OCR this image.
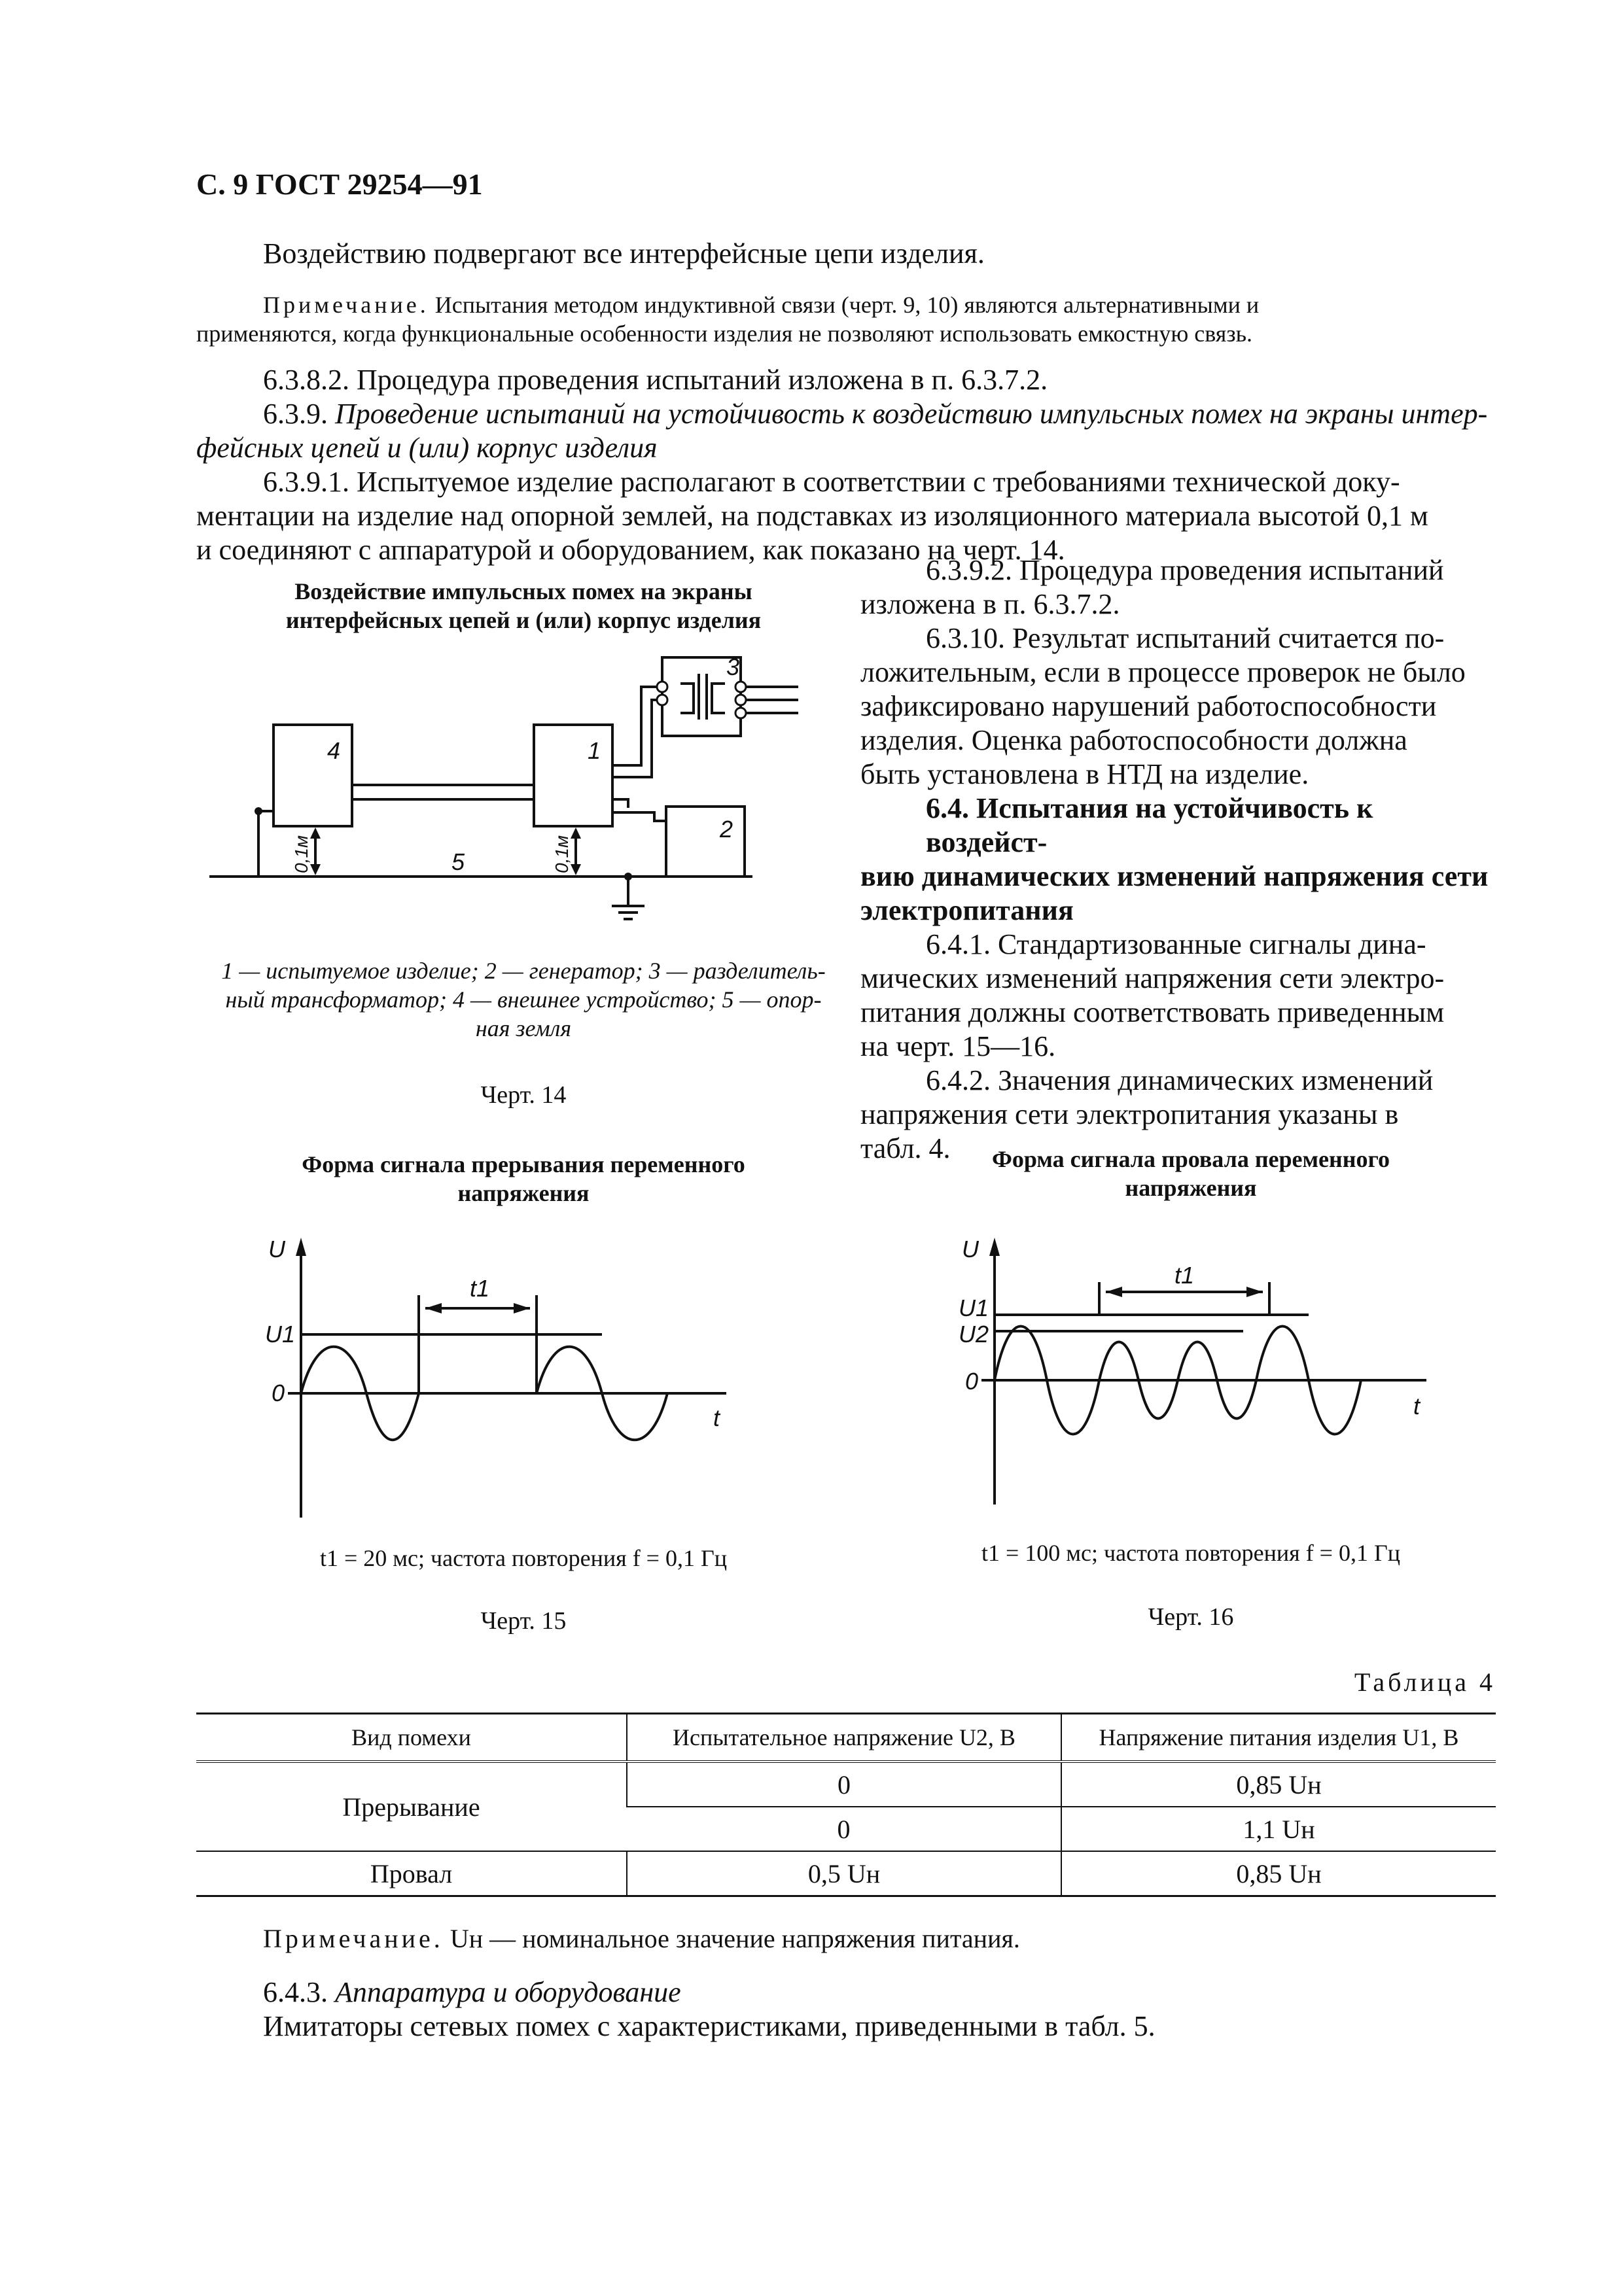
С. 9 ГОСТ 29254—91
Воздействию подвергают все интерфейсные цепи изделия.
Примечание. Испытания методом индуктивной связи (черт. 9, 10) являются альтернативными и
применяются, когда функциональные особенности изделия не позволяют использовать емкостную связь.
6.3.8.2. Процедура проведения испытаний изложена в п. 6.3.7.2.
6.3.9. Проведение испытаний на устойчивость к воздействию импульсных помех на экраны интер-
фейсных цепей и (или) корпус изделия
6.3.9.1. Испытуемое изделие располагают в соответствии с требованиями технической доку-
ментации на изделие над опорной землей, на подставках из изоляционного материала высотой 0,1 м
и соединяют с аппаратурой и оборудованием, как показано на черт. 14.
Воздействие импульсных помех на экраны
интерфейсных цепей и (или) корпус изделия
4	1
2
3
5
0,1м	0,1м
1 — испытуемое изделие; 2 — генератор; 3 — разделитель-
ный трансформатор; 4 — внешнее устройство; 5 — опор-
ная земля
Черт. 14
6.3.9.2. Процедура проведения испытаний
изложена в п. 6.3.7.2.
6.3.10. Результат испытаний считается по-
ложительным, если в процессе проверок не было
зафиксировано нарушений работоспособности
изделия. Оценка работоспособности должна
быть установлена в НТД на изделие.
6.4. Испытания на устойчивость к воздейст-
вию динамических изменений напряжения сети
электропитания
6.4.1. Стандартизованные сигналы дина-
мических изменений напряжения сети электро-
питания должны соответствовать приведенным
на черт. 15—16.
6.4.2. Значения динамических изменений
напряжения сети электропитания указаны в
табл. 4.
Форма сигнала прерывания переменного
напряжения
U
t
U1
0
t1
t1 = 20 мс; частота повторения f = 0,1 Гц
Черт. 15
Форма сигнала провала переменного
напряжения
U
t
U1
U2
0
t1
t1 = 100 мс; частота повторения f = 0,1 Гц
Черт. 16
Таблица 4
Вид помехи	Испытательное напряжение U2, В	Напряжение питания изделия U1, В
Прерывание	0	0,85 Uн
	0	1,1 Uн
Провал	0,5 Uн	0,85 Uн
Примечание. Uн — номинальное значение напряжения питания.
6.4.3. Аппаратура и оборудование
Имитаторы сетевых помех с характеристиками, приведенными в табл. 5.
